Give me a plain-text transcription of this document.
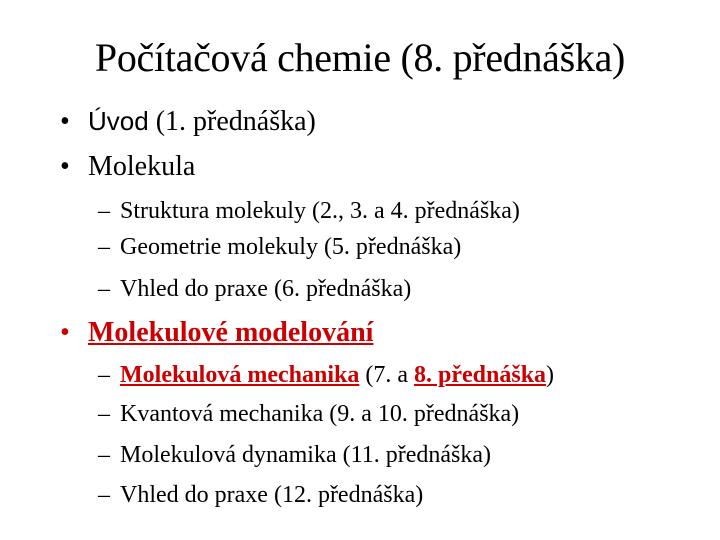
Počítačová chemie (8. přednáška)
• Úvod (1. přednáška)
• Molekula
– Struktura molekuly (2., 3. a 4. přednáška)
– Geometrie molekuly (5. přednáška)
– Vhled do praxe (6. přednáška)
• Molekulové modelování
– Molekulová mechanika (7. a 8. přednáška)
– Kvantová mechanika (9. a 10. přednáška)
– Molekulová dynamika (11. přednáška)
– Vhled do praxe (12. přednáška)
